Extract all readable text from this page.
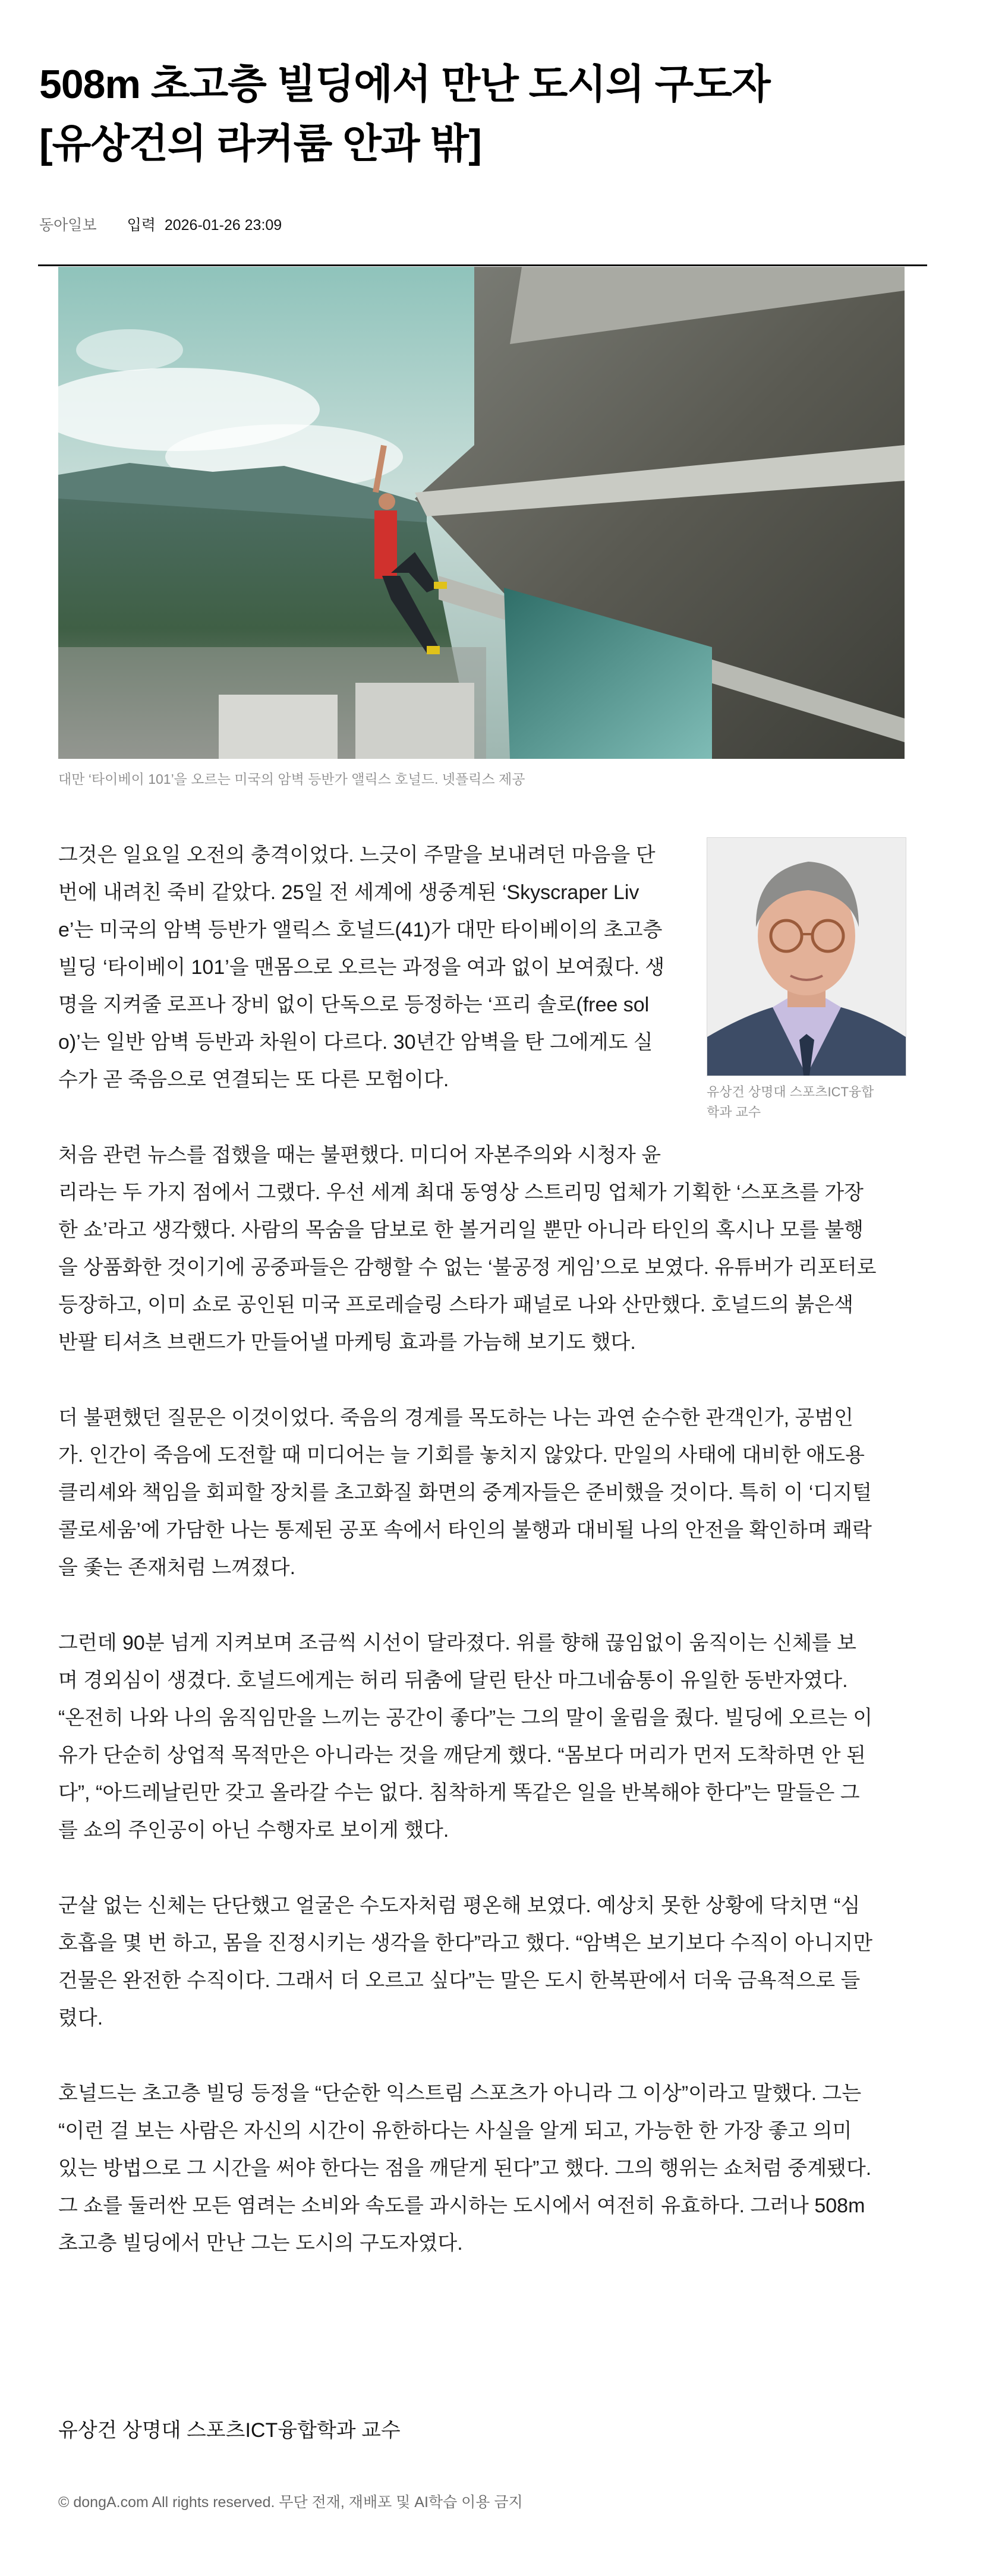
508m 초고층 빌딩에서 만난 도시의 구도자
[유상건의 라커룸 안과 밖]
동아일보 입력 2026-01-26 23:09
대만 ‘타이베이 101’을 오르는 미국의 암벽 등반가 앨릭스 호널드. 넷플릭스 제공
유상건 상명대 스포츠ICT융합
학과 교수

그것은 일요일 오전의 충격이었다. 느긋이 주말을 보내려던 마음을 단
번에 내려친 죽비 같았다. 25일 전 세계에 생중계된 ‘Skyscraper Liv
e’는 미국의 암벽 등반가 앨릭스 호널드(41)가 대만 타이베이의 초고층
빌딩 ‘타이베이 101’을 맨몸으로 오르는 과정을 여과 없이 보여줬다. 생
명을 지켜줄 로프나 장비 없이 단독으로 등정하는 ‘프리 솔로(free sol
o)’는 일반 암벽 등반과 차원이 다르다. 30년간 암벽을 탄 그에게도 실
수가 곧 죽음으로 연결되는 또 다른 모험이다.

처음 관련 뉴스를 접했을 때는 불편했다. 미디어 자본주의와 시청자 윤
리라는 두 가지 점에서 그랬다. 우선 세계 최대 동영상 스트리밍 업체가 기획한 ‘스포츠를 가장
한 쇼’라고 생각했다. 사람의 목숨을 담보로 한 볼거리일 뿐만 아니라 타인의 혹시나 모를 불행
을 상품화한 것이기에 공중파들은 감행할 수 없는 ‘불공정 게임’으로 보였다. 유튜버가 리포터로
등장하고, 이미 쇼로 공인된 미국 프로레슬링 스타가 패널로 나와 산만했다. 호널드의 붉은색
반팔 티셔츠 브랜드가 만들어낼 마케팅 효과를 가늠해 보기도 했다.

더 불편했던 질문은 이것이었다. 죽음의 경계를 목도하는 나는 과연 순수한 관객인가, 공범인
가. 인간이 죽음에 도전할 때 미디어는 늘 기회를 놓치지 않았다. 만일의 사태에 대비한 애도용
클리셰와 책임을 회피할 장치를 초고화질 화면의 중계자들은 준비했을 것이다. 특히 이 ‘디지털
콜로세움’에 가담한 나는 통제된 공포 속에서 타인의 불행과 대비될 나의 안전을 확인하며 쾌락
을 좇는 존재처럼 느껴졌다.

그런데 90분 넘게 지켜보며 조금씩 시선이 달라졌다. 위를 향해 끊임없이 움직이는 신체를 보
며 경외심이 생겼다. 호널드에게는 허리 뒤춤에 달린 탄산 마그네슘통이 유일한 동반자였다.
“온전히 나와 나의 움직임만을 느끼는 공간이 좋다”는 그의 말이 울림을 줬다. 빌딩에 오르는 이
유가 단순히 상업적 목적만은 아니라는 것을 깨닫게 했다. “몸보다 머리가 먼저 도착하면 안 된
다”, “아드레날린만 갖고 올라갈 수는 없다. 침착하게 똑같은 일을 반복해야 한다”는 말들은 그
를 쇼의 주인공이 아닌 수행자로 보이게 했다.

군살 없는 신체는 단단했고 얼굴은 수도자처럼 평온해 보였다. 예상치 못한 상황에 닥치면 “심
호흡을 몇 번 하고, 몸을 진정시키는 생각을 한다”라고 했다. “암벽은 보기보다 수직이 아니지만
건물은 완전한 수직이다. 그래서 더 오르고 싶다”는 말은 도시 한복판에서 더욱 금욕적으로 들
렸다.

호널드는 초고층 빌딩 등정을 “단순한 익스트림 스포츠가 아니라 그 이상”이라고 말했다. 그는
“이런 걸 보는 사람은 자신의 시간이 유한하다는 사실을 알게 되고, 가능한 한 가장 좋고 의미
있는 방법으로 그 시간을 써야 한다는 점을 깨닫게 된다”고 했다. 그의 행위는 쇼처럼 중계됐다.
그 쇼를 둘러싼 모든 염려는 소비와 속도를 과시하는 도시에서 여전히 유효하다. 그러나 508m
초고층 빌딩에서 만난 그는 도시의 구도자였다.

유상건 상명대 스포츠ICT융합학과 교수
© dongA.com All rights reserved. 무단 전재, 재배포 및 AI학습 이용 금지
